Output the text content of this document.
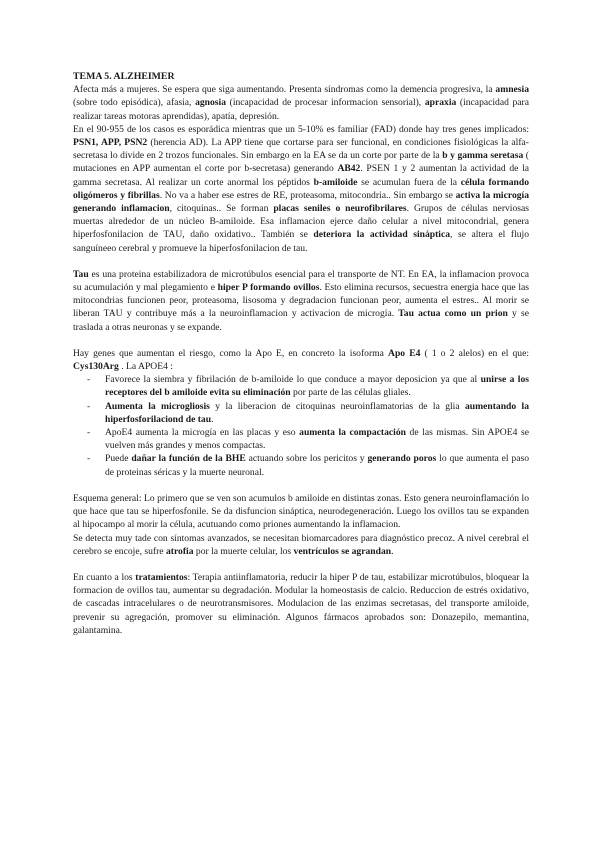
TEMA 5. ALZHEIMER

Afecta más a mujeres. Se espera que siga aumentando. Presenta síndromas como la demencia progresiva, la amnesia (sobre todo episódica), afasia, agnosia (incapacidad de procesar informacion sensorial), apraxia (incapacidad para realizar tareas motoras aprendidas), apatía, depresión.

En el 90-955 de los casos es esporádica mientras que un 5-10% es familiar (FAD) donde hay tres genes implicados: PSN1, APP, PSN2 (herencia AD). La APP tiene que cortarse para ser funcional, en condiciones fisiológicas la alfa-secretasa lo divide en 2 trozos funcionales. Sin embargo en la EA se da un corte por parte de la b y gamma seretasa ( mutaciones en APP aumentan el corte por b-secretasa) generando AB42. PSEN 1 y 2 aumentan la actividad de la gamma secretasa. Al realizar un corte anormal los péptidos b-amiloide se acumulan fuera de la célula formando oligómeros y fibrillas. No va a haber ese estres de RE, proteasoma, mitocondria.. Sin embargo se activa la microgía generando inflamacion, citoquinas.. Se forman placas seniles o neurofibrilares. Grupos de células nerviosas muertas alrededor de un núcleo B-amiloide. Esa inflamacion ejerce daño celular a nivel mitocondrial, genera hiperfosfonilacion de TAU, daño oxidativo.. También se deteriora la actividad sináptica, se altera el flujo sanguíneeo cerebral y promueve la hiperfosfonilacion de tau.

Tau es una proteina estabilizadora de microtúbulos esencial para el transporte de NT. En EA, la inflamacion provoca su acumulación y mal plegamiento e hiper P formando ovillos. Esto elimina recursos, secuestra energia hace que las mitocondrias funcionen peor, proteasoma, lisosoma y degradacion funcionan peor, aumenta el estres.. Al morir se liberan TAU y contribuye más a la neuroinflamacion y activacion de microgía. Tau actua como un prion y se traslada a otras neuronas y se expande.

Hay genes que aumentan el riesgo, como la Apo E, en concreto la isoforma Apo E4 ( 1 o 2 alelos) en el que: Cys130Arg . La APOE4 :

- Favorece la siembra y fibrilación de b-amiloide lo que conduce a mayor deposicion ya que al unirse a los receptores del b amiloide evita su eliminación por parte de las células gliales.
- Aumenta la microgliosis y la liberacion de citoquinas neuroinflamatorias de la glia aumentando la hiperfosforilaciond de tau.
- ApoE4 aumenta la microgía en las placas y eso aumenta la compactación de las mismas. Sin APOE4 se vuelven más grandes y menos compactas.
- Puede dañar la función de la BHE actuando sobre los pericitos y generando poros lo que aumenta el paso de proteinas séricas y la muerte neuronal.

Esquema general: Lo primero que se ven son acumulos b amiloide en distintas zonas. Esto genera neuroinflamación lo que hace que tau se hiperfosfonile. Se da disfuncion sináptica, neurodegeneración. Luego los ovillos tau se expanden al hipocampo al morir la célula, acutuando como priones aumentando la inflamacion.

Se detecta muy tade con síntomas avanzados, se necesitan biomarcadores para diagnóstico precoz. A nivel cerebral el cerebro se encoje, sufre atrofia por la muerte celular, los ventrículos se agrandan.

En cuanto a los tratamientos: Terapia antiinflamatoria, reducir la hiper P de tau, estabilizar microtúbulos, bloquear la formacion de ovillos tau, aumentar su degradación. Modular la homeostasis de calcio. Reduccion de estrés oxidativo, de cascadas intracelulares o de neurotransmisores. Modulacion de las enzimas secretasas, del transporte amiloide, prevenir su agregación, promover su eliminación. Algunos fármacos aprobados son: Donazepilo, memantina, galantamina.
